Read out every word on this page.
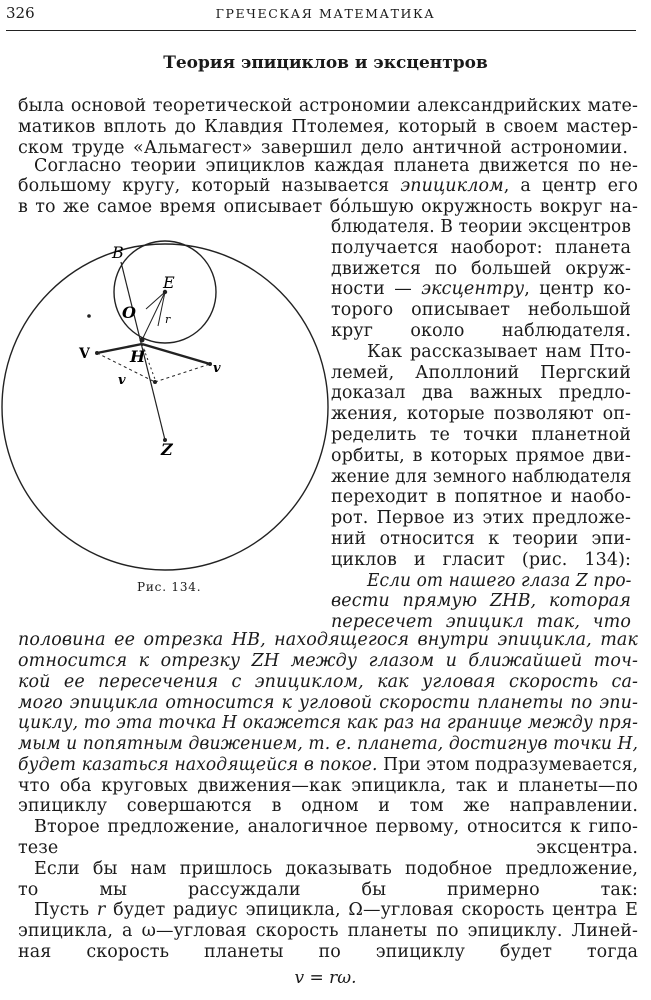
326	ГРЕЧЕСКАЯ МАТЕМАТИКА
Теория эпициклов и эксцентров
была основой теоретической астрономии александрийских мате-
матиков вплоть до Клавдия Птолемея, который в своем мастер-
ском труде «Альмагест» завершил дело античной астрономии.
Согласно теории эпициклов каждая планета движется по не-
большому кругу, который называется эпициклом, а центр его
в то же самое время описывает бо́льшую окружность вокруг на-
блюдателя. В теории эксцентров
получается наоборот: планета
движется по большей окруж-
ности — эксцентру, центр ко-
торого описывает небольшой
круг около наблюдателя.
Как рассказывает нам Пто-
лемей, Аполлоний Пергский
доказал два важных предло-
жения, которые позволяют оп-
ределить те точки планетной
орбиты, в которых прямое дви-
жение для земного наблюдателя
переходит в попятное и наобо-
рот. Первое из этих предложе-
ний относится к теории эпи-
циклов и гласит (рис. 134):
Если от нашего глаза Z про-
вести прямую ZHB, которая
пересечет эпицикл так, что
половина ее отрезка HB, находящегося внутри эпицикла, так
относится к отрезку ZH между глазом и ближайшей точ-
кой ее пересечения с эпициклом, как угловая скорость са-
мого эпицикла относится к угловой скорости планеты по эпи-
циклу, то эта точка H окажется как раз на границе между пря-
мым и попятным движением, т. е. планета, достигнув точки H,
будет казаться находящейся в покое. При этом подразумевается,
что оба круговых движения—как эпицикла, так и планеты—по
эпициклу совершаются в одном и том же направлении.
Второе предложение, аналогичное первому, относится к гипо-
тезе эксцентра.
Если бы нам пришлось доказывать подобное предложение,
то мы рассуждали бы примерно так:
Пусть r будет радиус эпицикла, Ω—угловая скорость центра E
эпицикла, а ω—угловая скорость планеты по эпициклу. Линей-
ная скорость планеты по эпициклу будет тогда
B
E
O	r
V	H
v
v
Z
Рис. 134.
v = rω.
